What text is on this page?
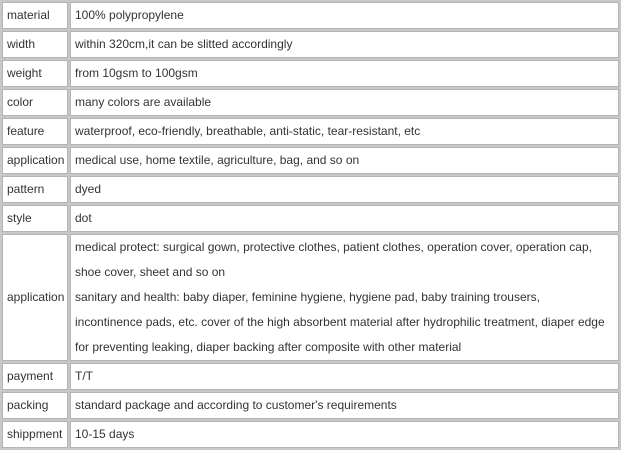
material	100% polypropylene

width	within 320cm,it can be slitted accordingly

weight	from 10gsm to 100gsm

color	many colors are available

feature	waterproof, eco-friendly, breathable, anti-static, tear-resistant, etc

application	medical use, home textile, agriculture, bag, and so on

pattern	dyed

style	dot

application	medical protect: surgical gown, protective clothes, patient clothes, operation cover, operation cap,
shoe cover, sheet and so on
sanitary and health: baby diaper, feminine hygiene, hygiene pad, baby training trousers,
incontinence pads, etc. cover of the high absorbent material after hydrophilic treatment, diaper edge
for preventing leaking, diaper backing after composite with other material

payment	T/T

packing	standard package and according to customer's requirements

shippment	10-15 days
